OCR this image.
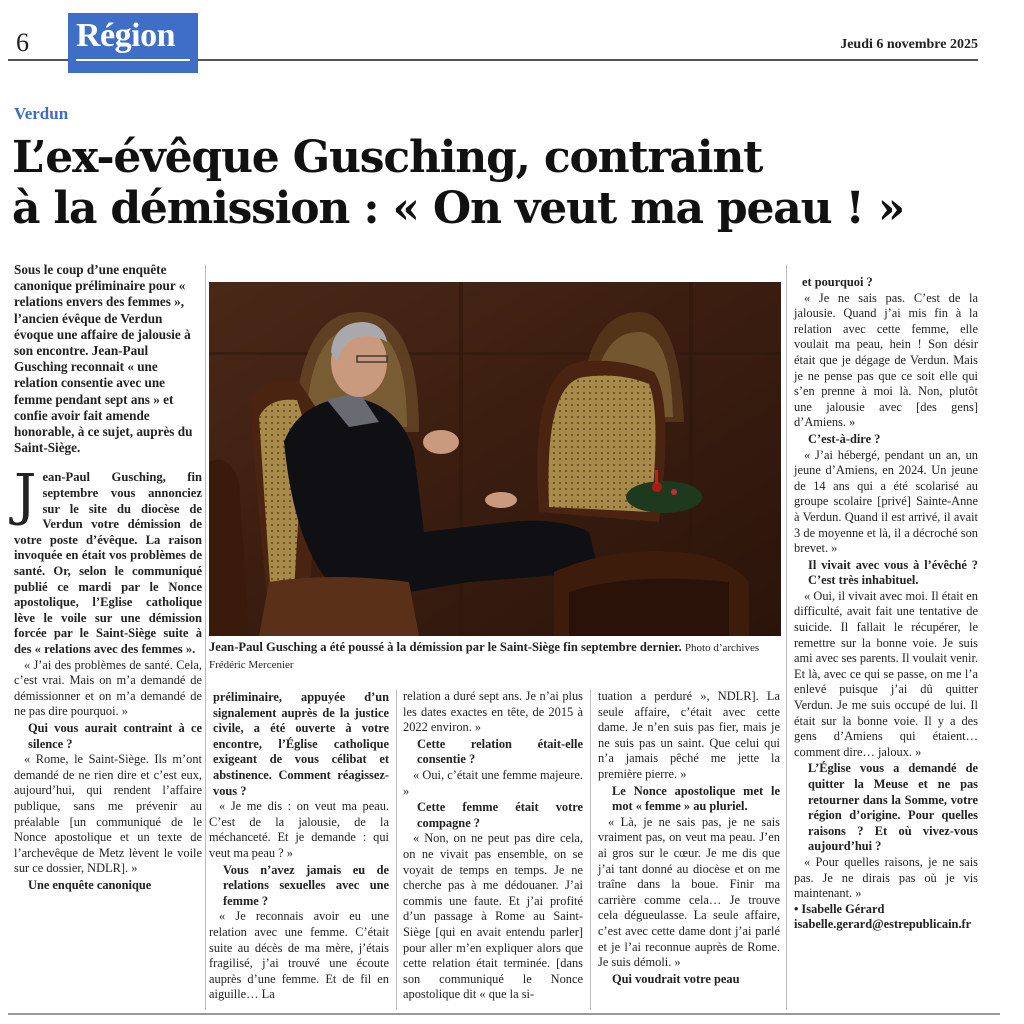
6 Région	Jeudi 6 novembre 2025
Verdun
L’ex-évêque Gusching, contraint
à la démission : « On veut ma peau ! »

Sous le coup d’une enquête canonique préliminaire pour « relations envers des femmes », l’ancien évêque de Verdun évoque une affaire de jalousie à son encontre. Jean-Paul Gusching reconnait « une relation consentie avec une femme pendant sept ans » et confie avoir fait amende honorable, à ce sujet, auprès du Saint-Siège.

Jean-Paul Gusching, fin septembre vous annonciez sur le site du diocèse de Verdun votre démission de votre poste d’évêque. La raison invoquée en était vos problèmes de santé. Or, selon le communiqué publié ce mardi par le Nonce apostolique, l’Eglise catholique lève le voile sur une démission forcée par le Saint-Siège suite à des « relations avec des femmes ».

« J’ai des problèmes de santé. Cela, c’est vrai. Mais on m’a demandé de démissionner et on m’a demandé de ne pas dire pourquoi. »

Qui vous aurait contraint à ce silence ?

« Rome, le Saint-Siège. Ils m’ont demandé de ne rien dire et c’est eux, aujourd’hui, qui rendent l’affaire publique, sans me prévenir au préalable [un communiqué de le Nonce apostolique et un texte de l’archevêque de Metz lèvent le voile sur ce dossier, NDLR]. »

Une enquête canonique

Jean-Paul Gusching a été poussé à la démission par le Saint-Siège fin septembre dernier. Photo d’archives Frédéric Mercenier

préliminaire, appuyée d’un signalement auprès de la justice civile, a été ouverte à votre encontre, l’Église catholique exigeant de vous célibat et abstinence. Comment réagissez-vous ?

« Je me dis : on veut ma peau. C’est de la jalousie, de la méchanceté. Et je demande : qui veut ma peau ? »

Vous n’avez jamais eu de relations sexuelles avec une femme ?

« Je reconnais avoir eu une relation avec une femme. C’était suite au décès de ma mère, j’étais fragilisé, j’ai trouvé une écoute auprès d’une femme. Et de fil en aiguille… La

relation a duré sept ans. Je n’ai plus les dates exactes en tête, de 2015 à 2022 environ. »

Cette relation était-elle consentie ?

« Oui, c’était une femme majeure. »

Cette femme était votre compagne ?

« Non, on ne peut pas dire cela, on ne vivait pas ensemble, on se voyait de temps en temps. Je ne cherche pas à me dédouaner. J’ai commis une faute. Et j’ai profité d’un passage à Rome au Saint-Siège [qui en avait entendu parler] pour aller m’en expliquer alors que cette relation était terminée. [dans son communiqué le Nonce apostolique dit « que la si-

tuation a perduré », NDLR]. La seule affaire, c’était avec cette dame. Je n’en suis pas fier, mais je ne suis pas un saint. Que celui qui n’a jamais pêché me jette la première pierre. »

Le Nonce apostolique met le mot « femme » au pluriel.

« Là, je ne sais pas, je ne sais vraiment pas, on veut ma peau. J’en ai gros sur le cœur. Je me dis que j’ai tant donné au diocèse et on me traîne dans la boue. Finir ma carrière comme cela… Je trouve cela dégueulasse. La seule affaire, c’est avec cette dame dont j’ai parlé et je l’ai reconnue auprès de Rome. Je suis démoli. »

Qui voudrait votre peau

et pourquoi ?

« Je ne sais pas. C’est de la jalousie. Quand j’ai mis fin à la relation avec cette femme, elle voulait ma peau, hein ! Son désir était que je dégage de Verdun. Mais je ne pense pas que ce soit elle qui s’en prenne à moi là. Non, plutôt une jalousie avec [des gens] d’Amiens. »

C’est-à-dire ?

« J’ai hébergé, pendant un an, un jeune d’Amiens, en 2024. Un jeune de 14 ans qui a été scolarisé au groupe scolaire [privé] Sainte-Anne à Verdun. Quand il est arrivé, il avait 3 de moyenne et là, il a décroché son brevet. »

Il vivait avec vous à l’évêché ? C’est très inhabituel.

« Oui, il vivait avec moi. Il était en difficulté, avait fait une tentative de suicide. Il fallait le récupérer, le remettre sur la bonne voie. Je suis ami avec ses parents. Il voulait venir. Et là, avec ce qui se passe, on me l’a enlevé puisque j’ai dû quitter Verdun. Je me suis occupé de lui. Il était sur la bonne voie. Il y a des gens d’Amiens qui étaient… comment dire… jaloux. »

L’Église vous a demandé de quitter la Meuse et ne pas retourner dans la Somme, votre région d’origine. Pour quelles raisons ? Et où vivez-vous aujourd’hui ?

« Pour quelles raisons, je ne sais pas. Je ne dirais pas où je vis maintenant. »

• Isabelle Gérard

isabelle.gerard@estrepublicain.fr
